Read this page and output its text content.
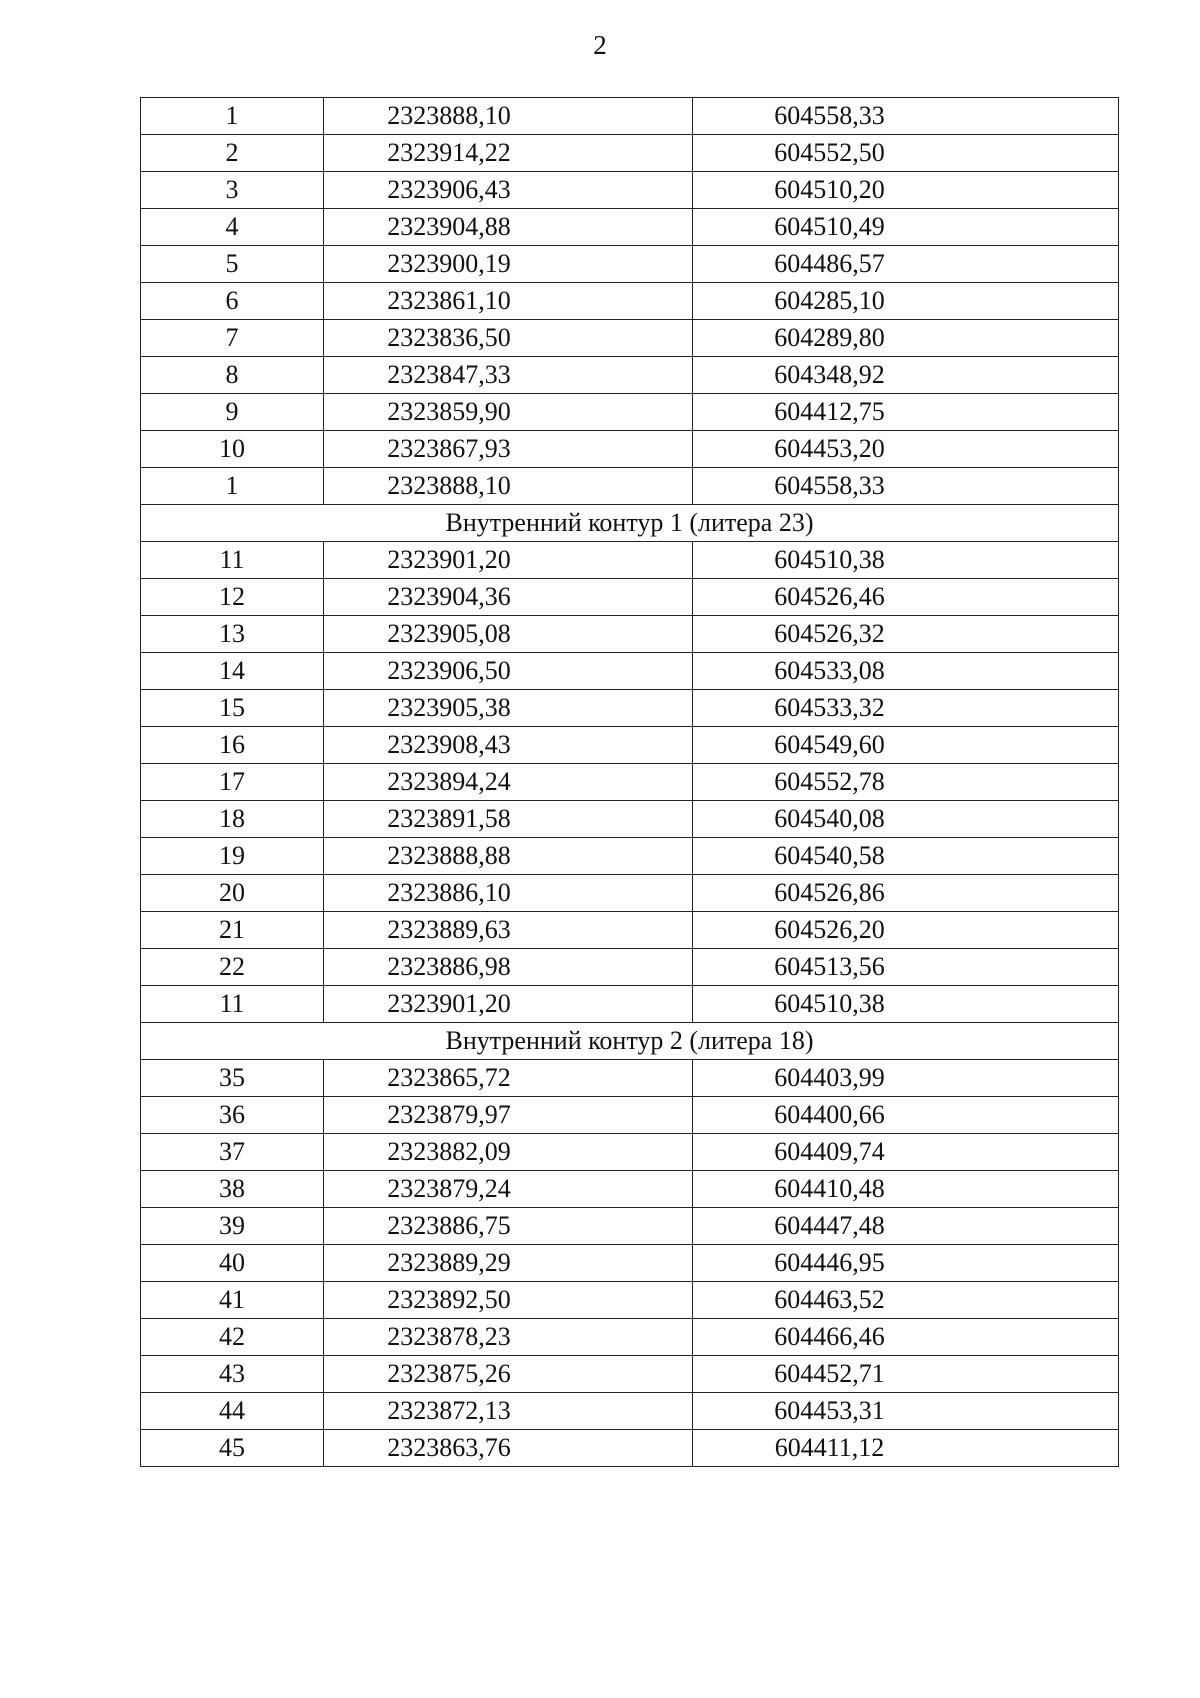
2
1	2323888,10	604558,33
2	2323914,22	604552,50
3	2323906,43	604510,20
4	2323904,88	604510,49
5	2323900,19	604486,57
6	2323861,10	604285,10
7	2323836,50	604289,80
8	2323847,33	604348,92
9	2323859,90	604412,75
10	2323867,93	604453,20
1	2323888,10	604558,33
Внутренний контур 1 (литера 23)		
11	2323901,20	604510,38
12	2323904,36	604526,46
13	2323905,08	604526,32
14	2323906,50	604533,08
15	2323905,38	604533,32
16	2323908,43	604549,60
17	2323894,24	604552,78
18	2323891,58	604540,08
19	2323888,88	604540,58
20	2323886,10	604526,86
21	2323889,63	604526,20
22	2323886,98	604513,56
11	2323901,20	604510,38
Внутренний контур 2 (литера 18)		
35	2323865,72	604403,99
36	2323879,97	604400,66
37	2323882,09	604409,74
38	2323879,24	604410,48
39	2323886,75	604447,48
40	2323889,29	604446,95
41	2323892,50	604463,52
42	2323878,23	604466,46
43	2323875,26	604452,71
44	2323872,13	604453,31
45	2323863,76	604411,12
